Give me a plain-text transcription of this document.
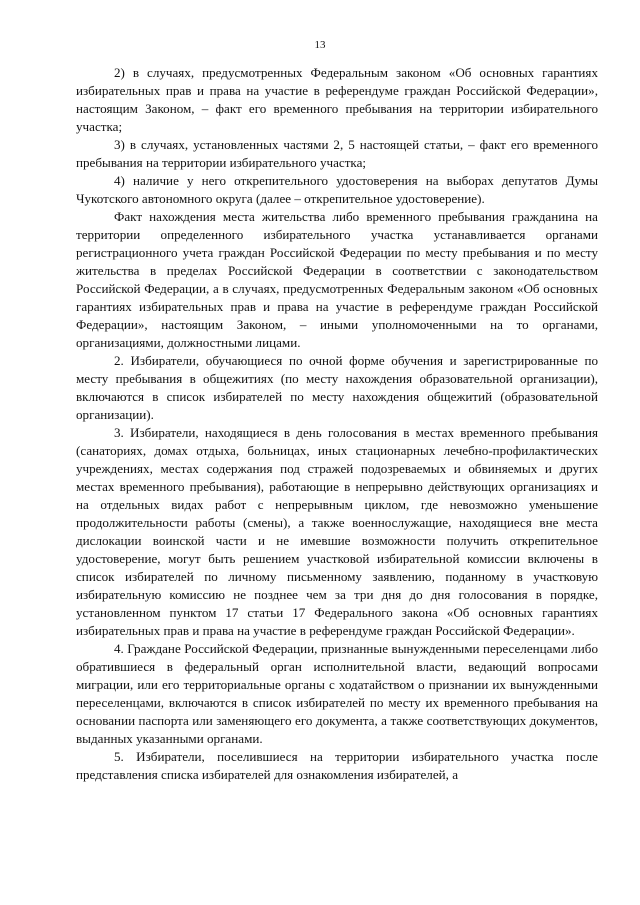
13

2) в случаях, предусмотренных Федеральным законом «Об основных гарантиях избирательных прав и права на участие в референдуме граждан Российской Федерации», настоящим Законом, – факт его временного пребывания на территории избирательного участка;

3) в случаях, установленных частями 2, 5 настоящей статьи, – факт его временного пребывания на территории избирательного участка;

4) наличие у него открепительного удостоверения на выборах депутатов Думы Чукотского автономного округа (далее – открепительное удостоверение).

Факт нахождения места жительства либо временного пребывания гражданина на территории определенного избирательного участка устанавливается органами регистрационного учета граждан Российской Федерации по месту пребывания и по месту жительства в пределах Российской Федерации в соответствии с законодательством Российской Федерации, а в случаях, предусмотренных Федеральным законом «Об основных гарантиях избирательных прав и права на участие в референдуме граждан Российской Федерации», настоящим Законом, – иными уполномоченными на то органами, организациями, должностными лицами.

2. Избиратели, обучающиеся по очной форме обучения и зарегистрированные по месту пребывания в общежитиях (по месту нахождения образовательной организации), включаются в список избирателей по месту нахождения общежитий (образовательной организации).

3. Избиратели, находящиеся в день голосования в местах временного пребывания (санаториях, домах отдыха, больницах, иных стационарных лечебно-профилактических учреждениях, местах содержания под стражей подозреваемых и обвиняемых и других местах временного пребывания), работающие в непрерывно действующих организациях и на отдельных видах работ с непрерывным циклом, где невозможно уменьшение продолжительности работы (смены), а также военнослужащие, находящиеся вне места дислокации воинской части и не имевшие возможности получить открепительное удостоверение, могут быть решением участковой избирательной комиссии включены в список избирателей по личному письменному заявлению, поданному в участковую избирательную комиссию не позднее чем за три дня до дня голосования в порядке, установленном пунктом 17 статьи 17 Федерального закона «Об основных гарантиях избирательных прав и права на участие в референдуме граждан Российской Федерации».

4. Граждане Российской Федерации, признанные вынужденными переселенцами либо обратившиеся в федеральный орган исполнительной власти, ведающий вопросами миграции, или его территориальные органы с ходатайством о признании их вынужденными переселенцами, включаются в список избирателей по месту их временного пребывания на основании паспорта или заменяющего его документа, а также соответствующих документов, выданных указанными органами.

5. Избиратели, поселившиеся на территории избирательного участка после представления списка избирателей для ознакомления избирателей, а
